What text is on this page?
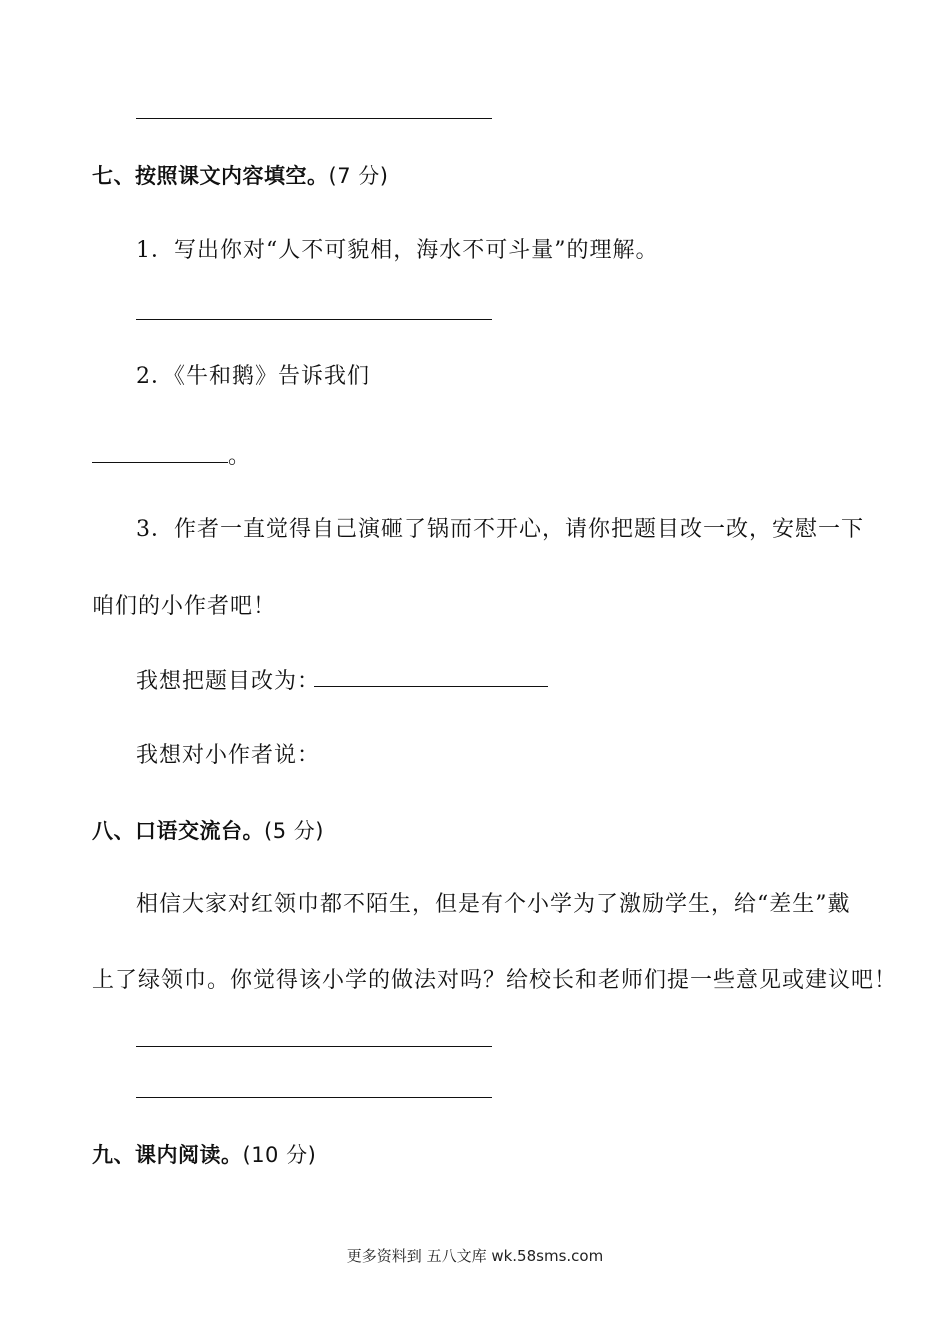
七、按照课文内容填空。(7 分)
1．写出你对“人不可貌相，海水不可斗量”的理解。
2．《牛和鹅》告诉我们
。
3．作者一直觉得自己演砸了锅而不开心，请你把题目改一改，安慰一下
咱们的小作者吧！
我想把题目改为：
我想对小作者说：
八、口语交流台。(5 分)
相信大家对红领巾都不陌生，但是有个小学为了激励学生，给“差生”戴
上了绿领巾。你觉得该小学的做法对吗？给校长和老师们提一些意见或建议吧！
九、课内阅读。(10 分)
更多资料到 五八文库 wk.58sms.com
